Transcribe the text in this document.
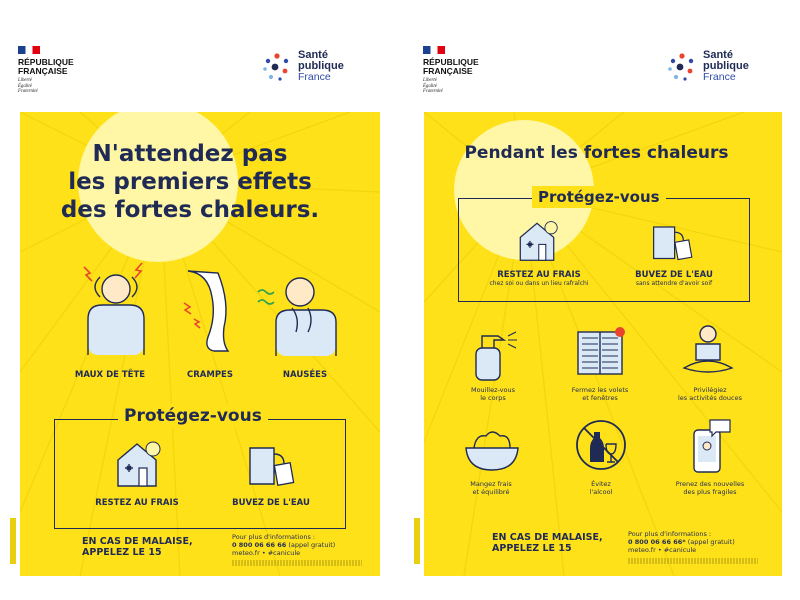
RÉPUBLIQUE
FRANÇAISE
Liberté
Égalité
Fraternité
Santé
publique
France
RÉPUBLIQUE
FRANÇAISE
Liberté
Égalité
Fraternité
Santé
publique
France
N'attendez pas
les premiers effets
des fortes chaleurs.
MAUX DE TÊTE	CRAMPES	NAUSÉES
Protégez-vous
RESTEZ AU FRAIS	BUVEZ DE L'EAU
EN CAS DE MALAISE,
APPELEZ LE 15
Pour plus d'informations :
0 800 06 66 66 (appel gratuit)
meteo.fr • #canicule
Pendant les fortes chaleurs
Protégez-vous
RESTEZ AU FRAIS
chez soi ou dans un lieu rafraîchi
BUVEZ DE L'EAU
sans attendre d'avoir soif
Mouillez-vous
le corps
Fermez les volets
et fenêtres
Privilégiez
les activités douces
Mangez frais
et équilibré
Évitez
l'alcool
Prenez des nouvelles
des plus fragiles
EN CAS DE MALAISE,
APPELEZ LE 15
Pour plus d'informations :
0 800 06 66 66* (appel gratuit)
meteo.fr • #canicule
